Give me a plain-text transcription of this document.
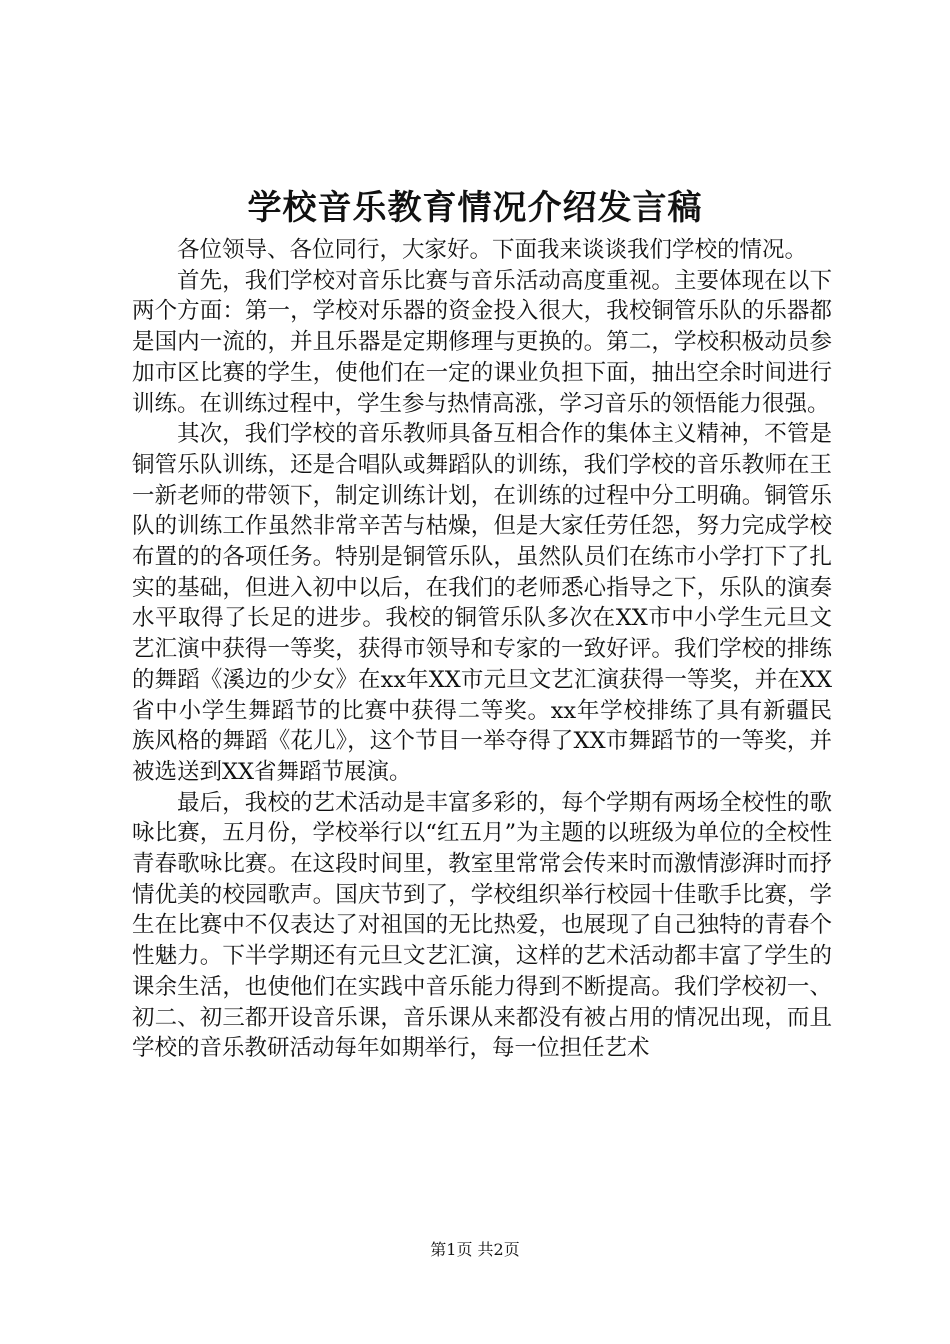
学校音乐教育情况介绍发言稿

各位领导、各位同行，大家好。下面我来谈谈我们学校的情况。

首先，我们学校对音乐比赛与音乐活动高度重视。主要体现在以下两个方面：第一，学校对乐器的资金投入很大，我校铜管乐队的乐器都是国内一流的，并且乐器是定期修理与更换的。第二，学校积极动员参加市区比赛的学生，使他们在一定的课业负担下面，抽出空余时间进行训练。在训练过程中，学生参与热情高涨，学习音乐的领悟能力很强。

其次，我们学校的音乐教师具备互相合作的集体主义精神，不管是铜管乐队训练，还是合唱队或舞蹈队的训练，我们学校的音乐教师在王一新老师的带领下，制定训练计划，在训练的过程中分工明确。铜管乐队的训练工作虽然非常辛苦与枯燥，但是大家任劳任怨，努力完成学校布置的的各项任务。特别是铜管乐队，虽然队员们在练市小学打下了扎实的基础，但进入初中以后，在我们的老师悉心指导之下，乐队的演奏水平取得了长足的进步。我校的铜管乐队多次在XX市中小学生元旦文艺汇演中获得一等奖，获得市领导和专家的一致好评。我们学校的排练的舞蹈《溪边的少女》在xx年XX市元旦文艺汇演获得一等奖，并在XX省中小学生舞蹈节的比赛中获得二等奖。xx年学校排练了具有新疆民族风格的舞蹈《花儿》，这个节目一举夺得了XX市舞蹈节的一等奖，并被选送到XX省舞蹈节展演。

最后，我校的艺术活动是丰富多彩的，每个学期有两场全校性的歌咏比赛，五月份，学校举行以“红五月”为主题的以班级为单位的全校性青春歌咏比赛。在这段时间里，教室里常常会传来时而激情澎湃时而抒情优美的校园歌声。国庆节到了，学校组织举行校园十佳歌手比赛，学生在比赛中不仅表达了对祖国的无比热爱，也展现了自己独特的青春个性魅力。下半学期还有元旦文艺汇演，这样的艺术活动都丰富了学生的课余生活，也使他们在实践中音乐能力得到不断提高。我们学校初一、初二、初三都开设音乐课，音乐课从来都没有被占用的情况出现，而且学校的音乐教研活动每年如期举行，每一位担任艺术

第1页 共2页
